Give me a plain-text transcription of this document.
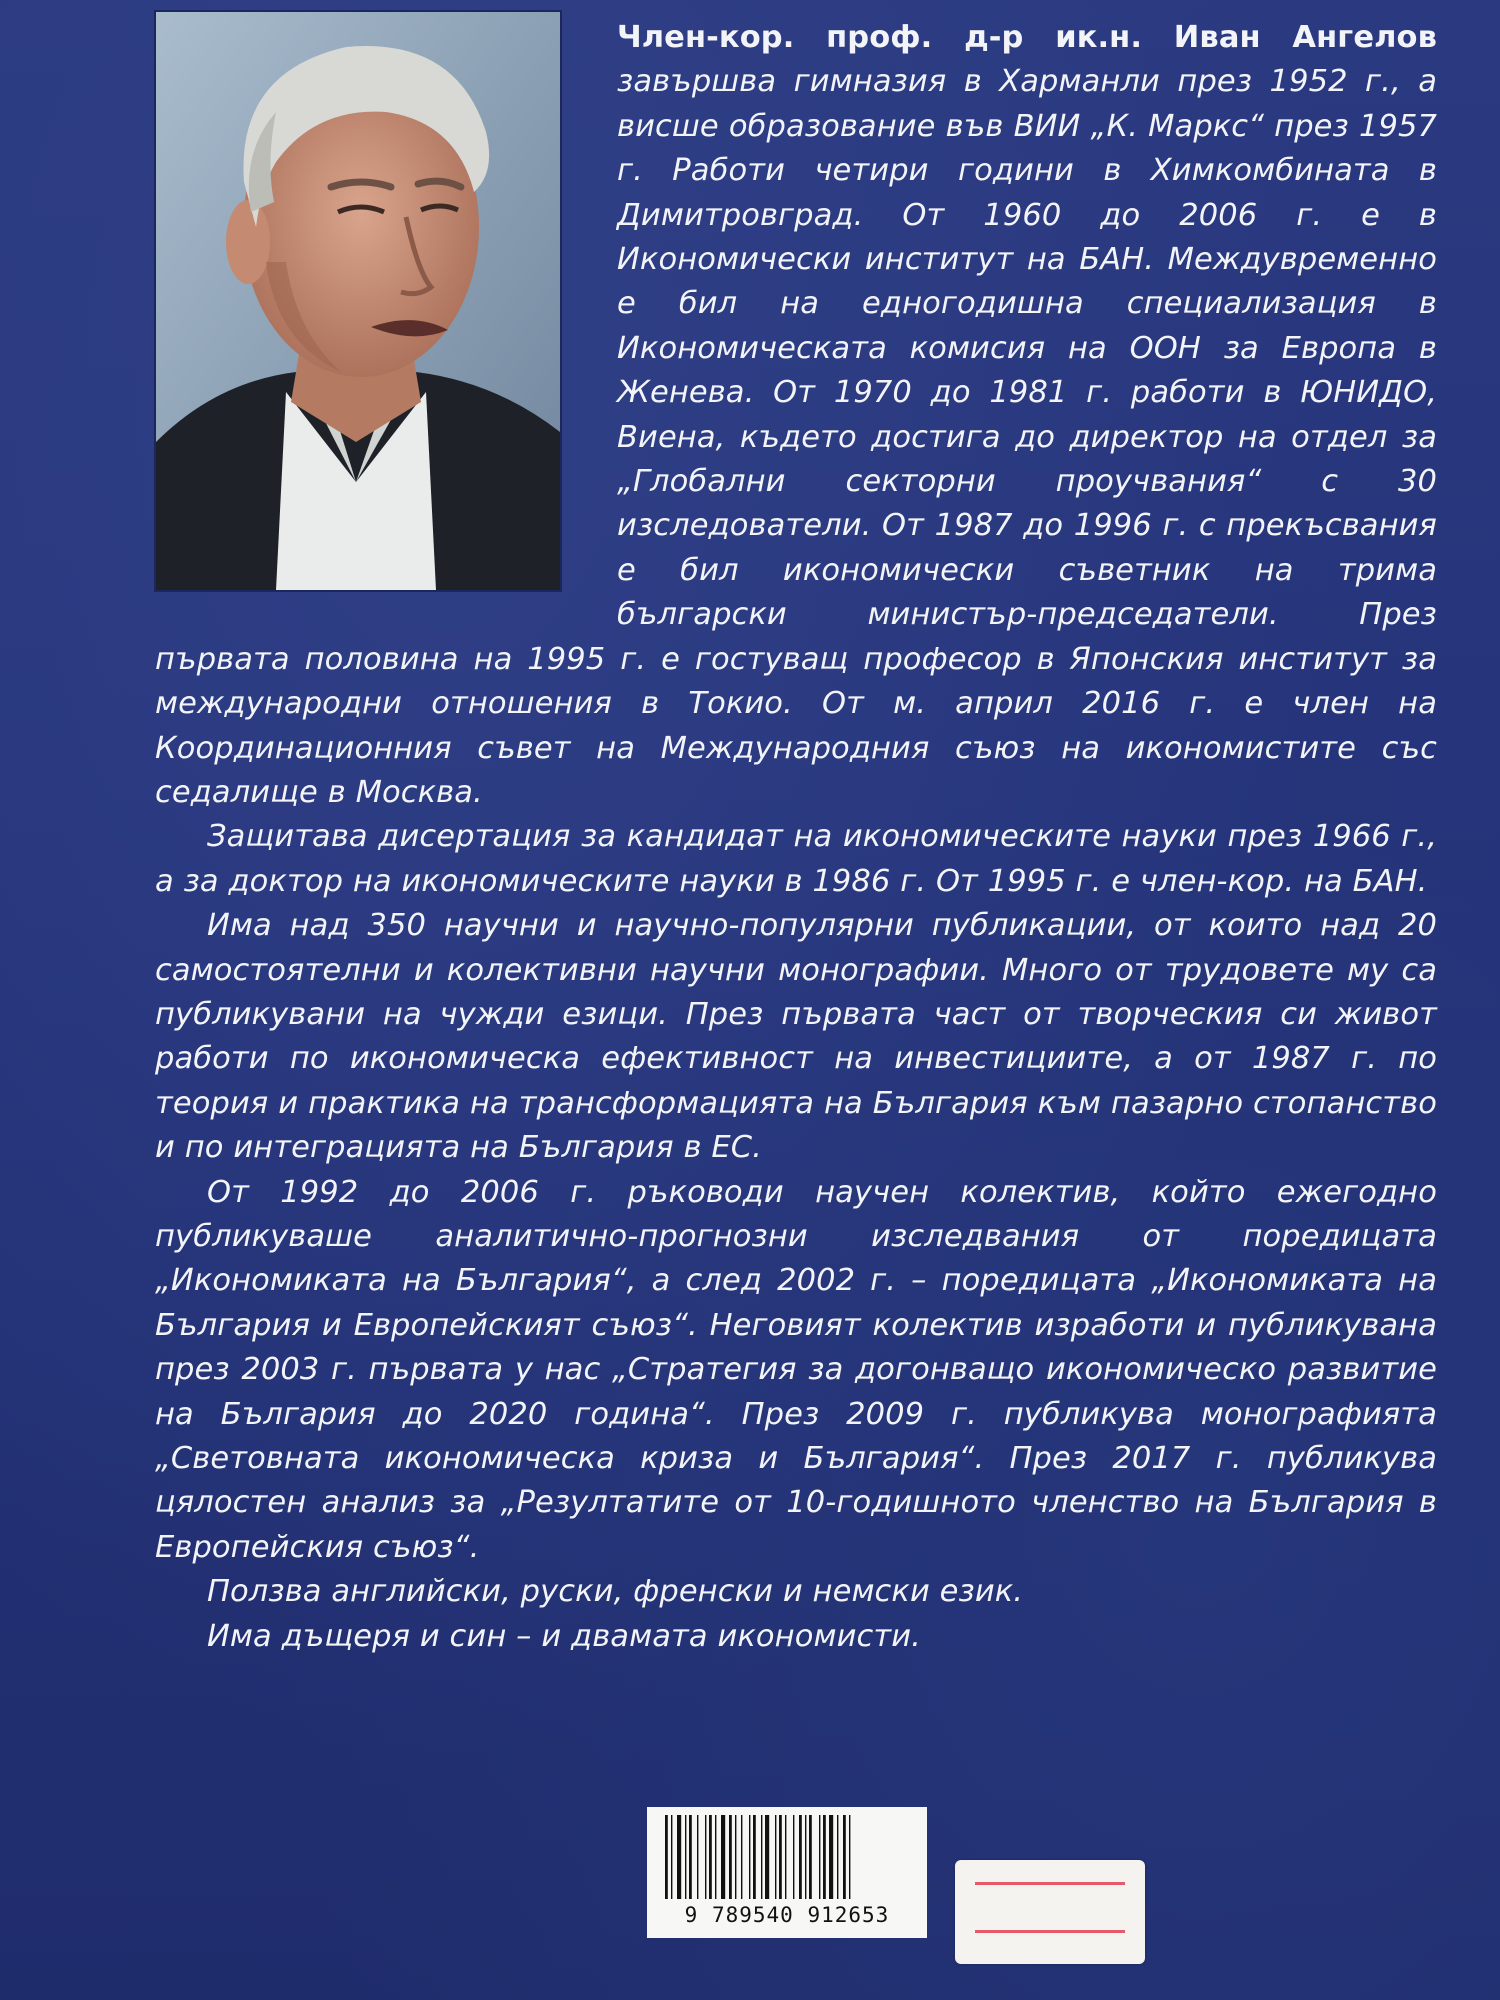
Член-кор. проф. д-р ик.н. Иван Ангелов завършва гимназия в Харманли през 1952 г., а висше образование във ВИИ „К. Маркс“ през 1957 г. Работи четири години в Химкомбината в Димитровград. От 1960 до 2006 г. е в Икономически институт на БАН. Междувременно е бил на едногодишна специализация в Икономическата комисия на ООН за Европа в Женева. От 1970 до 1981 г. работи в ЮНИДО, Виена, където достига до директор на отдел за „Глобални секторни проучвания“ с 30 изследователи. От 1987 до 1996 г. с прекъсвания е бил икономически съветник на трима български министър-председатели. През първата половина на 1995 г. е гостуващ професор в Японския институт за международни отношения в Токио. От м. април 2016 г. е член на Координационния съвет на Международния съюз на икономистите със седалище в Москва.

Защитава дисертация за кандидат на икономическите науки през 1966 г., а за доктор на икономическите науки в 1986 г. От 1995 г. е член-кор. на БАН.

Има над 350 научни и научно-популярни публикации, от които над 20 самостоятелни и колективни научни монографии. Много от трудовете му са публикувани на чужди езици. През първата част от творческия си живот работи по икономическа ефективност на инвестициите, а от 1987 г. по теория и практика на трансформацията на България към пазарно стопанство и по интеграцията на България в ЕС.

От 1992 до 2006 г. ръководи научен колектив, който ежегодно публикуваше аналитично-прогнозни изследвания от поредицата „Икономиката на България“, а след 2002 г. – поредицата „Икономиката на България и Европейският съюз“. Неговият колектив изработи и публикувана през 2003 г. първата у нас „Стратегия за догонващо икономическо развитие на България до 2020 година“. През 2009 г. публикува монографията „Световната икономическа криза и България“. През 2017 г. публикува цялостен анализ за „Резултатите от 10-годишното членство на България в Европейския съюз“.

Ползва английски, руски, френски и немски език.

Има дъщеря и син – и двамата икономисти.

9 789540 912653
